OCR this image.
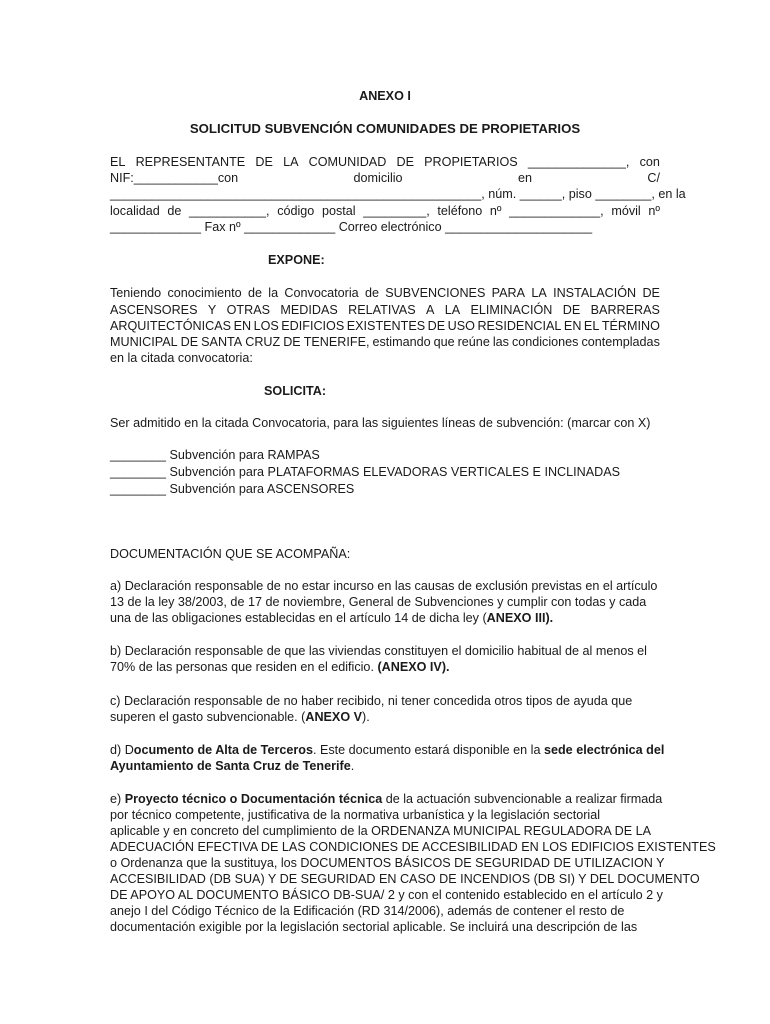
ANEXO I

SOLICITUD SUBVENCIÓN COMUNIDADES DE PROPIETARIOS

EL REPRESENTANTE DE LA COMUNIDAD DE PROPIETARIOS ______________, con
NIF:____________con	domicilio	en	C/
_____________________________________________________, núm. ______, piso ________, en la
localidad de ___________, código postal _________, teléfono nº _____________, móvil nº
_____________ Fax nº _____________ Correo electrónico _____________________

EXPONE:

Teniendo conocimiento de la Convocatoria de SUBVENCIONES PARA LA INSTALACIÓN DE
ASCENSORES Y OTRAS MEDIDAS RELATIVAS A LA ELIMINACIÓN DE BARRERAS
ARQUITECTÓNICAS EN LOS EDIFICIOS EXISTENTES DE USO RESIDENCIAL EN EL TÉRMINO
MUNICIPAL DE SANTA CRUZ DE TENERIFE, estimando que reúne las condiciones contempladas
en la citada convocatoria:

SOLICITA:

Ser admitido en la citada Convocatoria, para las siguientes líneas de subvención: (marcar con X)
________ Subvención para RAMPAS
________ Subvención para PLATAFORMAS ELEVADORAS VERTICALES E INCLINADAS
________ Subvención para ASCENSORES
DOCUMENTACIÓN QUE SE ACOMPAÑA:
a) Declaración responsable de no estar incurso en las causas de exclusión previstas en el artículo
13 de la ley 38/2003, de 17 de noviembre, General de Subvenciones y cumplir con todas y cada
una de las obligaciones establecidas en el artículo 14 de dicha ley (ANEXO III).
b) Declaración responsable de que las viviendas constituyen el domicilio habitual de al menos el
70% de las personas que residen en el edificio. (ANEXO IV).
c) Declaración responsable de no haber recibido, ni tener concedida otros tipos de ayuda que
superen el gasto subvencionable. (ANEXO V).
d) Documento de Alta de Terceros. Este documento estará disponible en la sede electrónica del
Ayuntamiento de Santa Cruz de Tenerife.
e) Proyecto técnico o Documentación técnica de la actuación subvencionable a realizar firmada
por técnico competente, justificativa de la normativa urbanística y la legislación sectorial
aplicable y en concreto del cumplimiento de la ORDENANZA MUNICIPAL REGULADORA DE LA
ADECUACIÓN EFECTIVA DE LAS CONDICIONES DE ACCESIBILIDAD EN LOS EDIFICIOS EXISTENTES
o Ordenanza que la sustituya, los DOCUMENTOS BÁSICOS DE SEGURIDAD DE UTILIZACION Y
ACCESIBILIDAD (DB SUA) Y DE SEGURIDAD EN CASO DE INCENDIOS (DB SI) Y DEL DOCUMENTO
DE APOYO AL DOCUMENTO BÁSICO DB-SUA/ 2 y con el contenido establecido en el artículo 2 y
anejo I del Código Técnico de la Edificación (RD 314/2006), además de contener el resto de
documentación exigible por la legislación sectorial aplicable. Se incluirá una descripción de las
